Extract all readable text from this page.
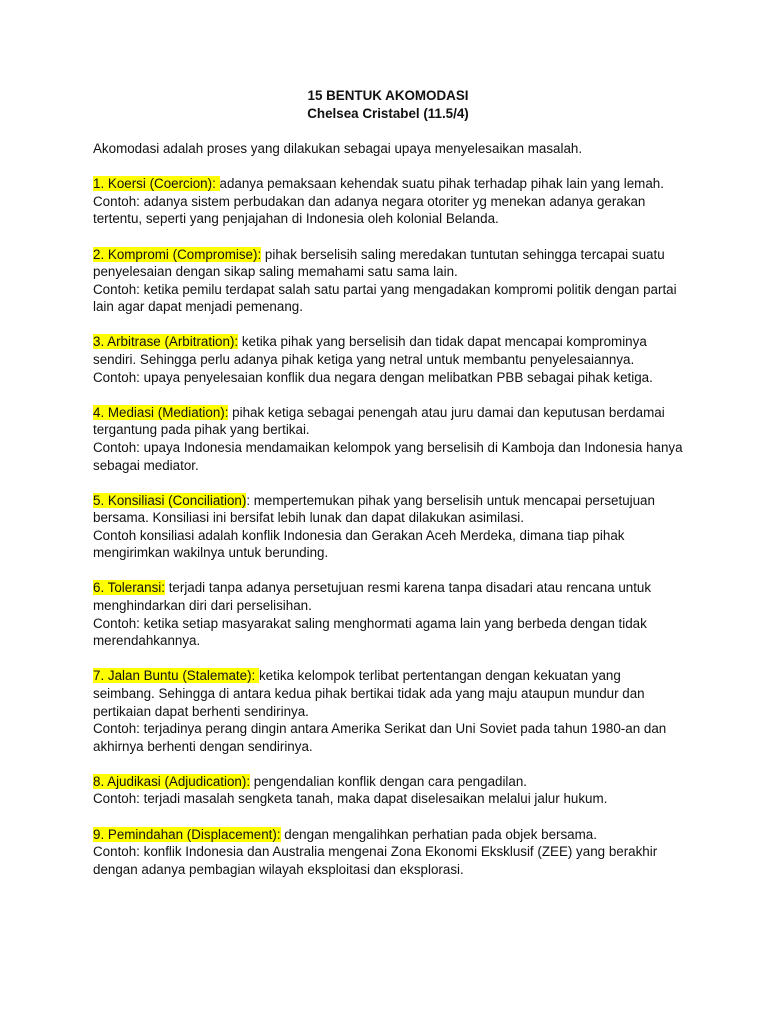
15 BENTUK AKOMODASI
Chelsea Cristabel (11.5/4)

Akomodasi adalah proses yang dilakukan sebagai upaya menyelesaikan masalah.

1. Koersi (Coercion): adanya pemaksaan kehendak suatu pihak terhadap pihak lain yang lemah.

Contoh: adanya sistem perbudakan dan adanya negara otoriter yg menekan adanya gerakan tertentu, seperti yang penjajahan di Indonesia oleh kolonial Belanda.

2. Kompromi (Compromise): pihak berselisih saling meredakan tuntutan sehingga tercapai suatu penyelesaian dengan sikap saling memahami satu sama lain.

Contoh: ketika pemilu terdapat salah satu partai yang mengadakan kompromi politik dengan partai lain agar dapat menjadi pemenang.

3. Arbitrase (Arbitration): ketika pihak yang berselisih dan tidak dapat mencapai komprominya sendiri. Sehingga perlu adanya pihak ketiga yang netral untuk membantu penyelesaiannya.

Contoh: upaya penyelesaian konflik dua negara dengan melibatkan PBB sebagai pihak ketiga.

4. Mediasi (Mediation): pihak ketiga sebagai penengah atau juru damai dan keputusan berdamai tergantung pada pihak yang bertikai.

Contoh: upaya Indonesia mendamaikan kelompok yang berselisih di Kamboja dan Indonesia hanya sebagai mediator.

5. Konsiliasi (Conciliation): mempertemukan pihak yang berselisih untuk mencapai persetujuan bersama. Konsiliasi ini bersifat lebih lunak dan dapat dilakukan asimilasi.

Contoh konsiliasi adalah konflik Indonesia dan Gerakan Aceh Merdeka, dimana tiap pihak mengirimkan wakilnya untuk berunding.

6. Toleransi: terjadi tanpa adanya persetujuan resmi karena tanpa disadari atau rencana untuk menghindarkan diri dari perselisihan.

Contoh: ketika setiap masyarakat saling menghormati agama lain yang berbeda dengan tidak merendahkannya.

7. Jalan Buntu (Stalemate): ketika kelompok terlibat pertentangan dengan kekuatan yang seimbang. Sehingga di antara kedua pihak bertikai tidak ada yang maju ataupun mundur dan pertikaian dapat berhenti sendirinya.

Contoh: terjadinya perang dingin antara Amerika Serikat dan Uni Soviet pada tahun 1980-an dan akhirnya berhenti dengan sendirinya.

8. Ajudikasi (Adjudication): pengendalian konflik dengan cara pengadilan.

Contoh: terjadi masalah sengketa tanah, maka dapat diselesaikan melalui jalur hukum.

9. Pemindahan (Displacement): dengan mengalihkan perhatian pada objek bersama.

Contoh: konflik Indonesia dan Australia mengenai Zona Ekonomi Eksklusif (ZEE) yang berakhir dengan adanya pembagian wilayah eksploitasi dan eksplorasi.
